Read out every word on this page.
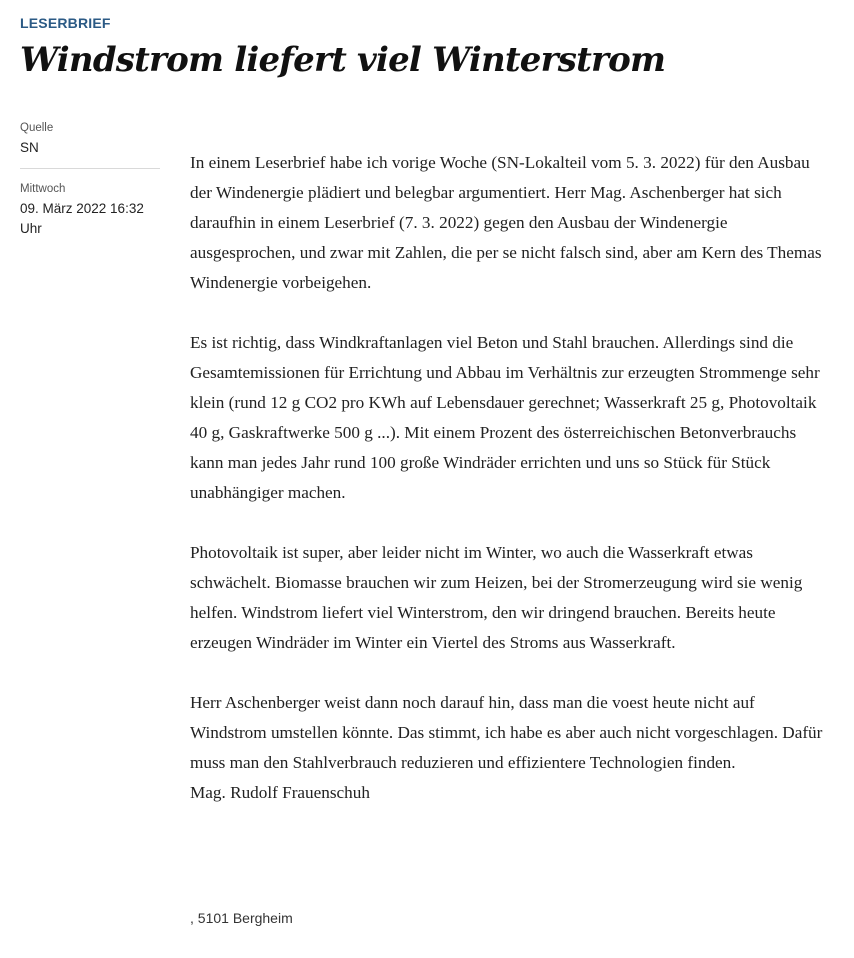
LESERBRIEF
Windstrom liefert viel Winterstrom
Quelle
SN
Mittwoch
09. März 2022 16:32 Uhr

In einem Leserbrief habe ich vorige Woche (SN-Lokalteil vom 5. 3. 2022) für den Ausbau der Windenergie plädiert und belegbar argumentiert. Herr Mag. Aschenberger hat sich daraufhin in einem Leserbrief (7. 3. 2022) gegen den Ausbau der Windenergie ausgesprochen, und zwar mit Zahlen, die per se nicht falsch sind, aber am Kern des Themas Windenergie vorbeigehen.

Es ist richtig, dass Windkraftanlagen viel Beton und Stahl brauchen. Allerdings sind die Gesamtemissionen für Errichtung und Abbau im Verhältnis zur erzeugten Strommenge sehr klein (rund 12 g CO2 pro KWh auf Lebensdauer gerechnet; Wasserkraft 25 g, Photovoltaik 40 g, Gaskraftwerke 500 g ...). Mit einem Prozent des österreichischen Betonverbrauchs kann man jedes Jahr rund 100 große Windräder errichten und uns so Stück für Stück unabhängiger machen.

Photovoltaik ist super, aber leider nicht im Winter, wo auch die Wasserkraft etwas schwächelt. Biomasse brauchen wir zum Heizen, bei der Stromerzeugung wird sie wenig helfen. Windstrom liefert viel Winterstrom, den wir dringend brauchen. Bereits heute erzeugen Windräder im Winter ein Viertel des Stroms aus Wasserkraft.

Herr Aschenberger weist dann noch darauf hin, dass man die voest heute nicht auf Windstrom umstellen könnte. Das stimmt, ich habe es aber auch nicht vorgeschlagen. Dafür muss man den Stahlverbrauch reduzieren und effizientere Technologien finden.
Mag. Rudolf Frauenschuh

, 5101 Bergheim
